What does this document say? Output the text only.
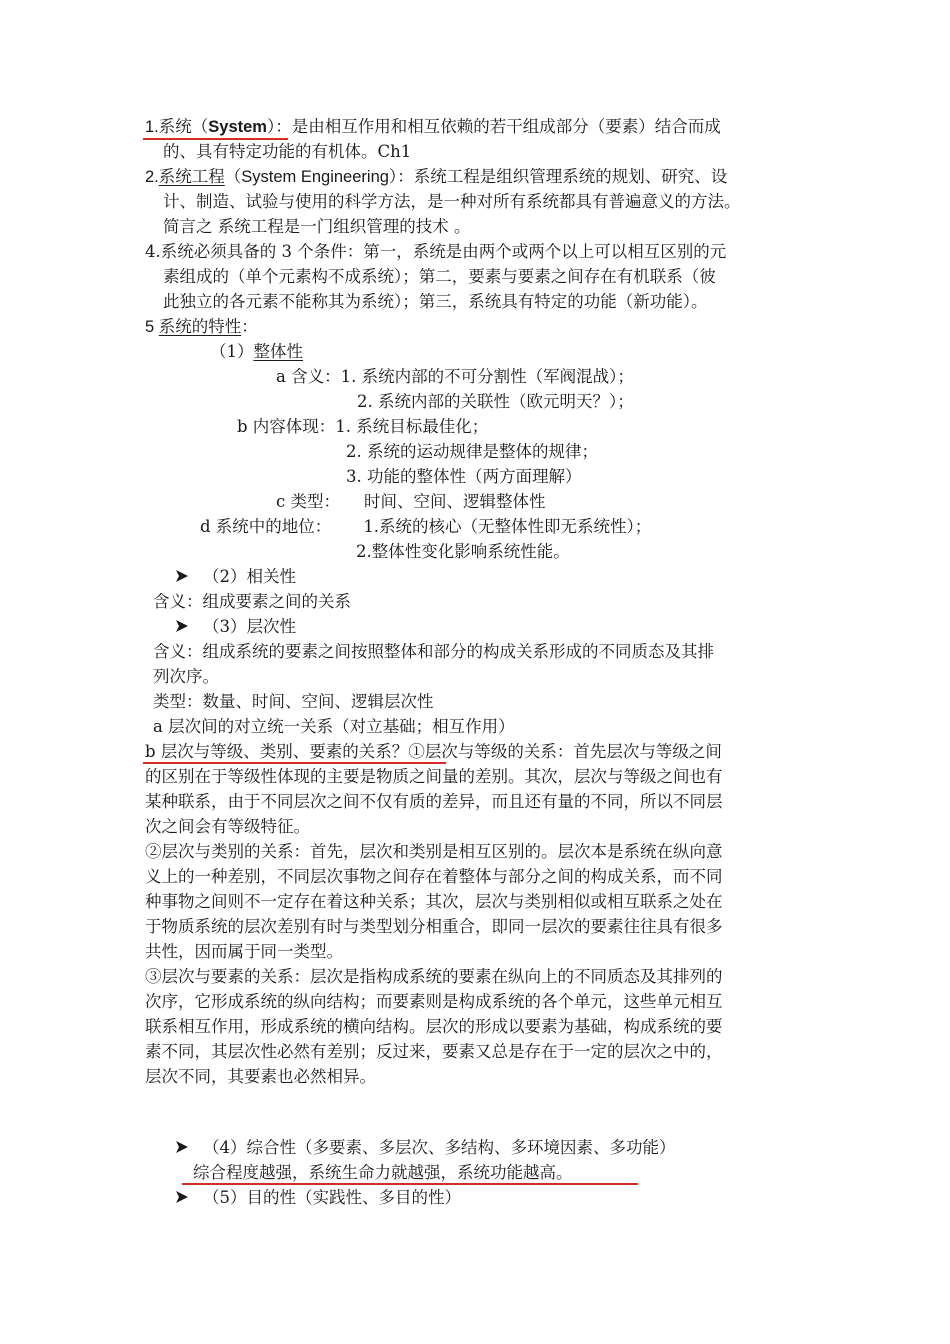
1.系统（System）：是由相互作用和相互依赖的若干组成部分（要素）结合而成
的、具有特定功能的有机体。Ch1
2.系统工程（System Engineering）：系统工程是组织管理系统的规划、研究、设
计、制造、试验与使用的科学方法，是一种对所有系统都具有普遍意义的方法。
简言之 系统工程是一门组织管理的技术 。
4.系统必须具备的 3 个条件：第一，系统是由两个或两个以上可以相互区别的元
素组成的（单个元素构不成系统）；第二，要素与要素之间存在有机联系（彼
此独立的各元素不能称其为系统）；第三，系统具有特定的功能（新功能）。
5 系统的特性：
（1）整体性
a 含义：1. 系统内部的不可分割性（军阀混战）；
2. 系统内部的关联性（欧元明天？）；
b 内容体现：1. 系统目标最佳化；
2. 系统的运动规律是整体的规律；
3. 功能的整体性（两方面理解）
c 类型： 时间、空间、逻辑整体性
d 系统中的地位： 1.系统的核心（无整体性即无系统性）；
2.整体性变化影响系统性能。
（2）相关性
含义：组成要素之间的关系
（3）层次性
含义：组成系统的要素之间按照整体和部分的构成关系形成的不同质态及其排
列次序。
类型：数量、时间、空间、逻辑层次性
a 层次间的对立统一关系（对立基础；相互作用）
b 层次与等级、类别、要素的关系？①层次与等级的关系：首先层次与等级之间
的区别在于等级性体现的主要是物质之间量的差别。其次，层次与等级之间也有
某种联系，由于不同层次之间不仅有质的差异，而且还有量的不同，所以不同层
次之间会有等级特征。
②层次与类别的关系：首先，层次和类别是相互区别的。层次本是系统在纵向意
义上的一种差别，不同层次事物之间存在着整体与部分之间的构成关系，而不同
种事物之间则不一定存在着这种关系；其次，层次与类别相似或相互联系之处在
于物质系统的层次差别有时与类型划分相重合，即同一层次的要素往往具有很多
共性，因而属于同一类型。
③层次与要素的关系：层次是指构成系统的要素在纵向上的不同质态及其排列的
次序，它形成系统的纵向结构；而要素则是构成系统的各个单元，这些单元相互
联系相互作用，形成系统的横向结构。层次的形成以要素为基础，构成系统的要
素不同，其层次性必然有差别；反过来，要素又总是存在于一定的层次之中的，
层次不同，其要素也必然相异。
（4）综合性（多要素、多层次、多结构、多环境因素、多功能）
综合程度越强，系统生命力就越强，系统功能越高。
（5）目的性（实践性、多目的性）
